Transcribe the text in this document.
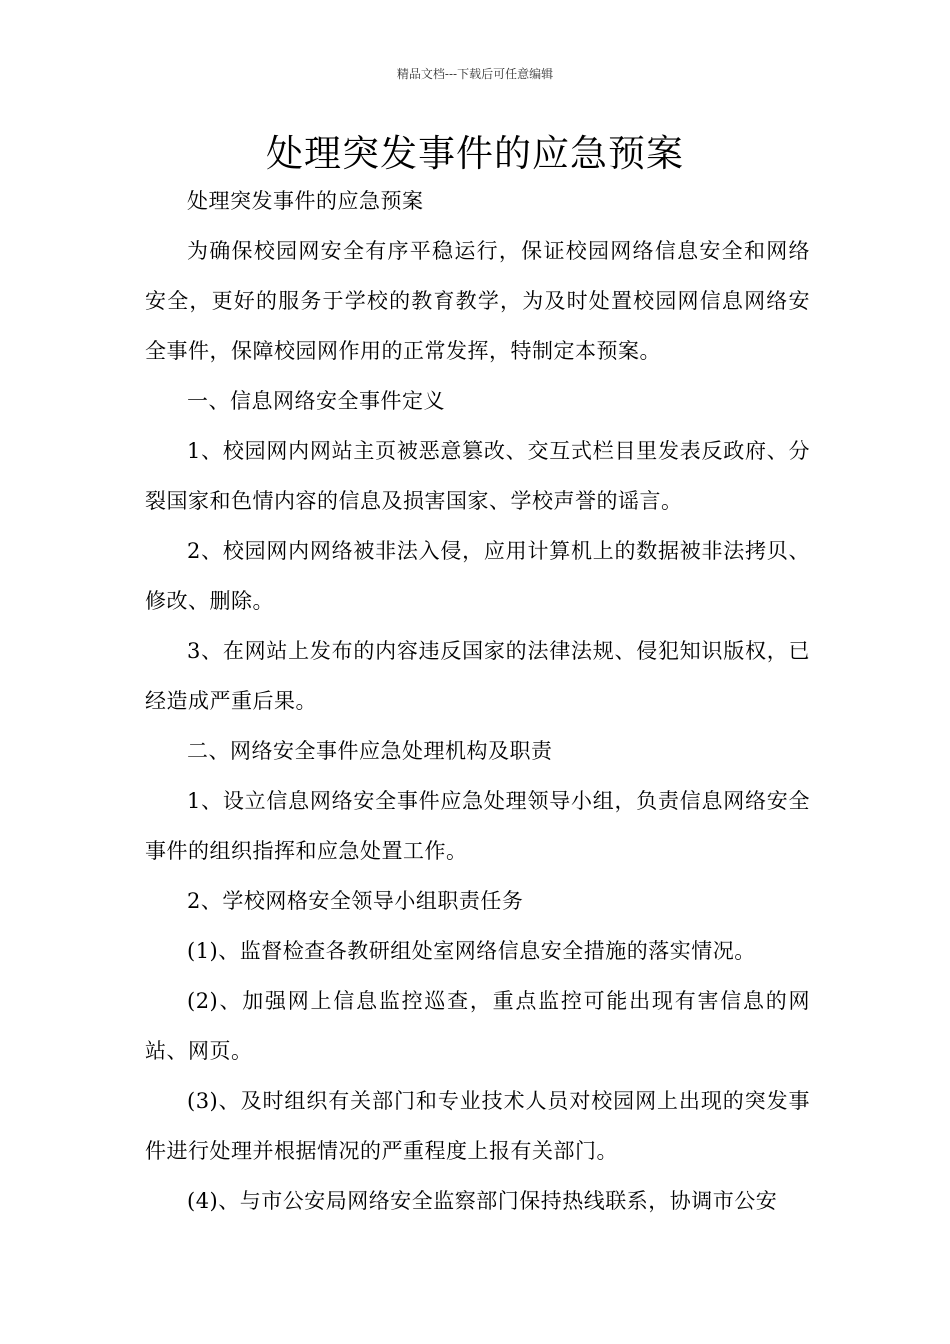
精品文档---下载后可任意编辑
处理突发事件的应急预案

处理突发事件的应急预案

为确保校园网安全有序平稳运行，保证校园网络信息安全和网络安全，更好的服务于学校的教育教学，为及时处置校园网信息网络安全事件，保障校园网作用的正常发挥，特制定本预案。

一、信息网络安全事件定义

1、校园网内网站主页被恶意篡改、交互式栏目里发表反政府、分裂国家和色情内容的信息及损害国家、学校声誉的谣言。

2、校园网内网络被非法入侵，应用计算机上的数据被非法拷贝、修改、删除。

3、在网站上发布的内容违反国家的法律法规、侵犯知识版权，已经造成严重后果。

二、网络安全事件应急处理机构及职责

1、设立信息网络安全事件应急处理领导小组，负责信息网络安全事件的组织指挥和应急处置工作。

2、学校网格安全领导小组职责任务

(1)、监督检查各教研组处室网络信息安全措施的落实情况。

(2)、加强网上信息监控巡查，重点监控可能出现有害信息的网站、网页。

(3)、及时组织有关部门和专业技术人员对校园网上出现的突发事件进行处理并根据情况的严重程度上报有关部门。

(4)、与市公安局网络安全监察部门保持热线联系，协调市公安
